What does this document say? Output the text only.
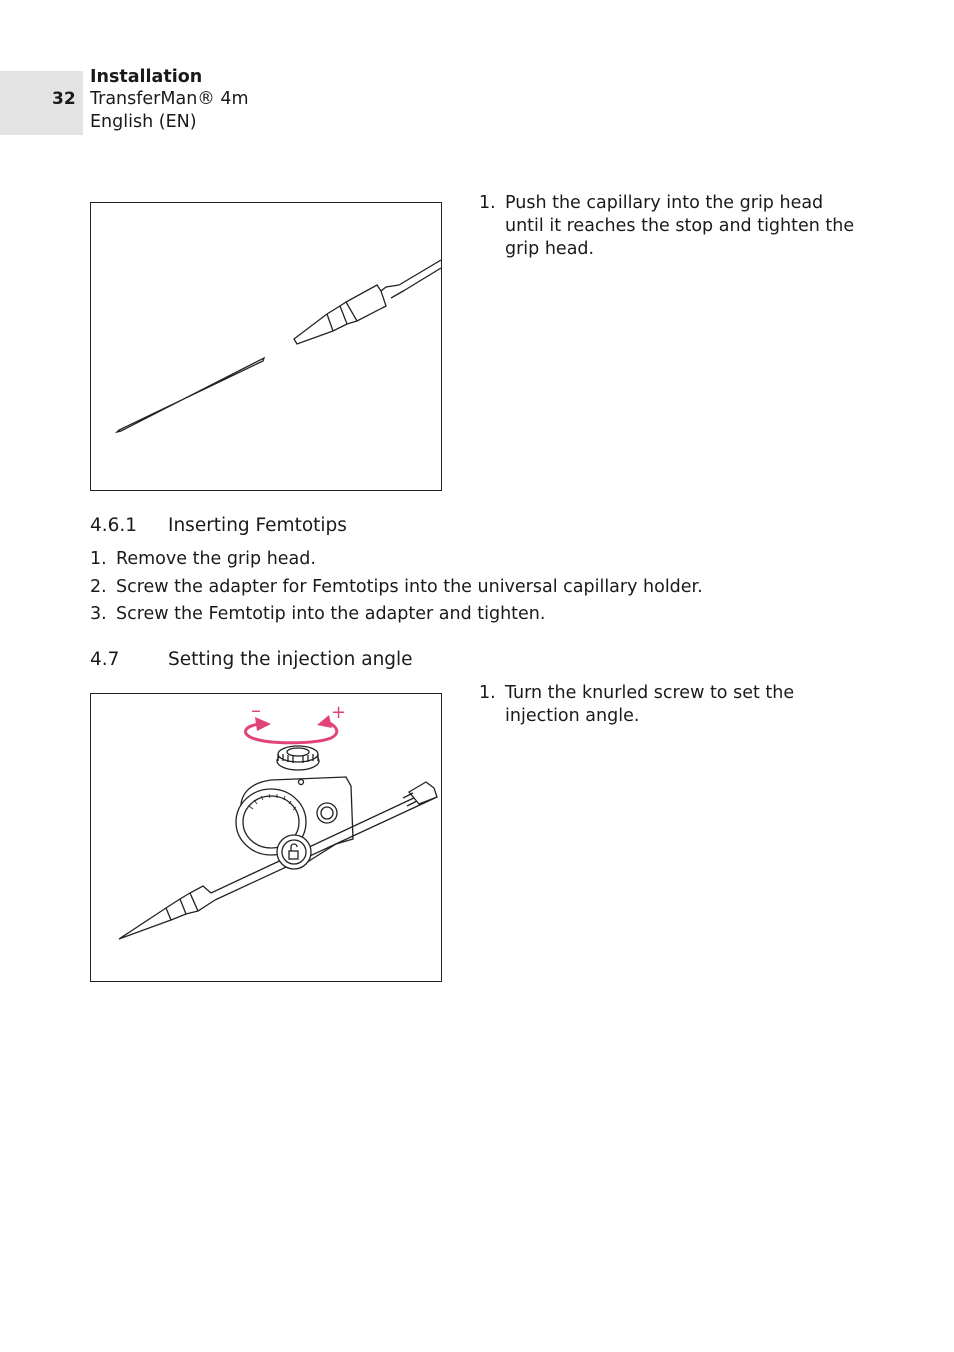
32
Installation
TransferMan® 4m
English (EN)
1. Push the capillary into the grip head until it reaches the stop and tighten the grip head.
4.6.1 Inserting Femtotips
1. Remove the grip head.
2. Screw the adapter for Femtotips into the universal capillary holder.
3. Screw the Femtotip into the adapter and tighten.
4.7	Setting the injection angle
–	+
1. Turn the knurled screw to set the injection angle.
